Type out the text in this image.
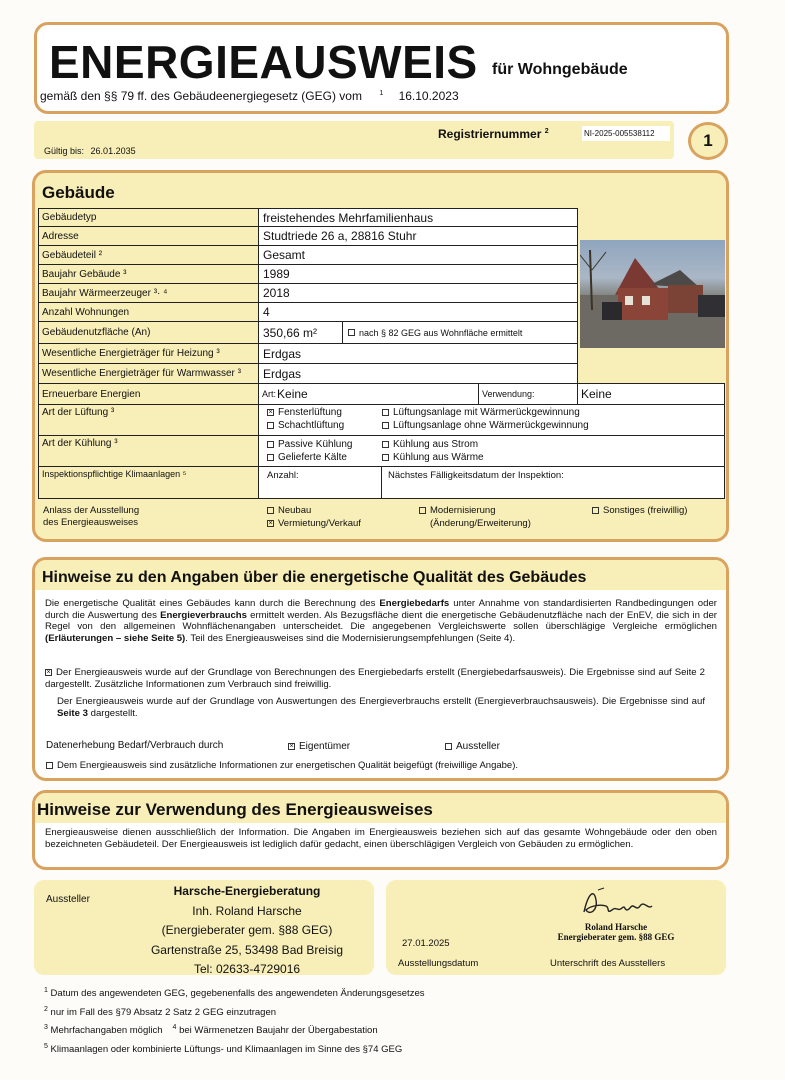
ENERGIEAUSWEIS für Wohngebäude
gemäß den §§ 79 ff. des Gebäudeenergiegesetz (GEG) vom $^1$ 16.10.2023
Registriernummer $^2$	NI-2025-005538112
Gültig bis: 26.01.2035
1
Gebäude
Gebäudetyp	freistehendes Mehrfamilienhaus
Adresse	Studtriede 26 a, 28816 Stuhr
Gebäudeteil ²	Gesamt
Baujahr Gebäude ³	1989
Baujahr Wärmeerzeuger ³· ⁴	2018
Anzahl Wohnungen	4
Gebäudenutzfläche (An)	350,66 m²	nach § 82 GEG aus Wohnfläche ermittelt
Wesentliche Energieträger für Heizung ³	Erdgas
Wesentliche Energieträger für Warmwasser ³	Erdgas
Erneuerbare Energien	Art: Keine	Verwendung:	Keine
Art der Lüftung ³	× Fensterlüftung	Lüftungsanlage mit Wärmerückgewinnung
Schachtlüftung	Lüftungsanlage ohne Wärmerückgewinnung
Art der Kühlung ³	Passive Kühlung	Kühlung aus Strom
Gelieferte Kälte	Kühlung aus Wärme
Inspektionspflichtige Klimaanlagen ⁵	Anzahl:	Nächstes Fälligkeitsdatum der Inspektion:
Anlass der Ausstellung
des Energieausweises
Neubau
× Vermietung/Verkauf
Modernisierung
(Änderung/Erweiterung)
Sonstiges (freiwillig)
Hinweise zu den Angaben über die energetische Qualität des Gebäudes
Die energetische Qualität eines Gebäudes kann durch die Berechnung des Energiebedarfs unter Annahme von standardisierten Randbedingungen oder durch die Auswertung des Energieverbrauchs ermittelt werden. Als Bezugsfläche dient die energetische Gebäudenutzfläche nach der EnEV, die sich in der Regel von den allgemeinen Wohnflächenangaben unterscheidet. Die angegebenen Vergleichswerte sollen überschlägige Vergleiche ermöglichen (Erläuterungen – siehe Seite 5). Teil des Energieausweises sind die Modernisierungsempfehlungen (Seite 4).
× Der Energieausweis wurde auf der Grundlage von Berechnungen des Energiebedarfs erstellt (Energiebedarfsausweis). Die Ergebnisse sind auf Seite 2 dargestellt. Zusätzliche Informationen zum Verbrauch sind freiwillig.
Der Energieausweis wurde auf der Grundlage von Auswertungen des Energieverbrauchs erstellt (Energieverbrauchsausweis). Die Ergebnisse sind auf Seite 3 dargestellt.
Datenerhebung Bedarf/Verbrauch durch	× Eigentümer	Aussteller
Dem Energieausweis sind zusätzliche Informationen zur energetischen Qualität beigefügt (freiwillige Angabe).
Hinweise zur Verwendung des Energieausweises
Energieausweise dienen ausschließlich der Information. Die Angaben im Energieausweis beziehen sich auf das gesamte Wohngebäude oder den oben bezeichneten Gebäudeteil. Der Energieausweis ist lediglich dafür gedacht, einen überschlägigen Vergleich von Gebäuden zu ermöglichen.
Aussteller
Harsche-Energieberatung
Inh. Roland Harsche
(Energieberater gem. §88 GEG)
Gartenstraße 25, 53498 Bad Breisig
Tel: 02633-4729016
27.01.2025
Ausstellungsdatum
Roland Harsche
Energieberater gem. §88 GEG
Unterschrift des Ausstellers
$^1$ Datum des angewendeten GEG, gegebenenfalls des angewendeten Änderungsgesetzes
$^2$ nur im Fall des §79 Absatz 2 Satz 2 GEG einzutragen
$^3$ Mehrfachangaben möglich $^4$ bei Wärmenetzen Baujahr der Übergabestation
$^5$ Klimaanlagen oder kombinierte Lüftungs- und Klimaanlagen im Sinne des §74 GEG
